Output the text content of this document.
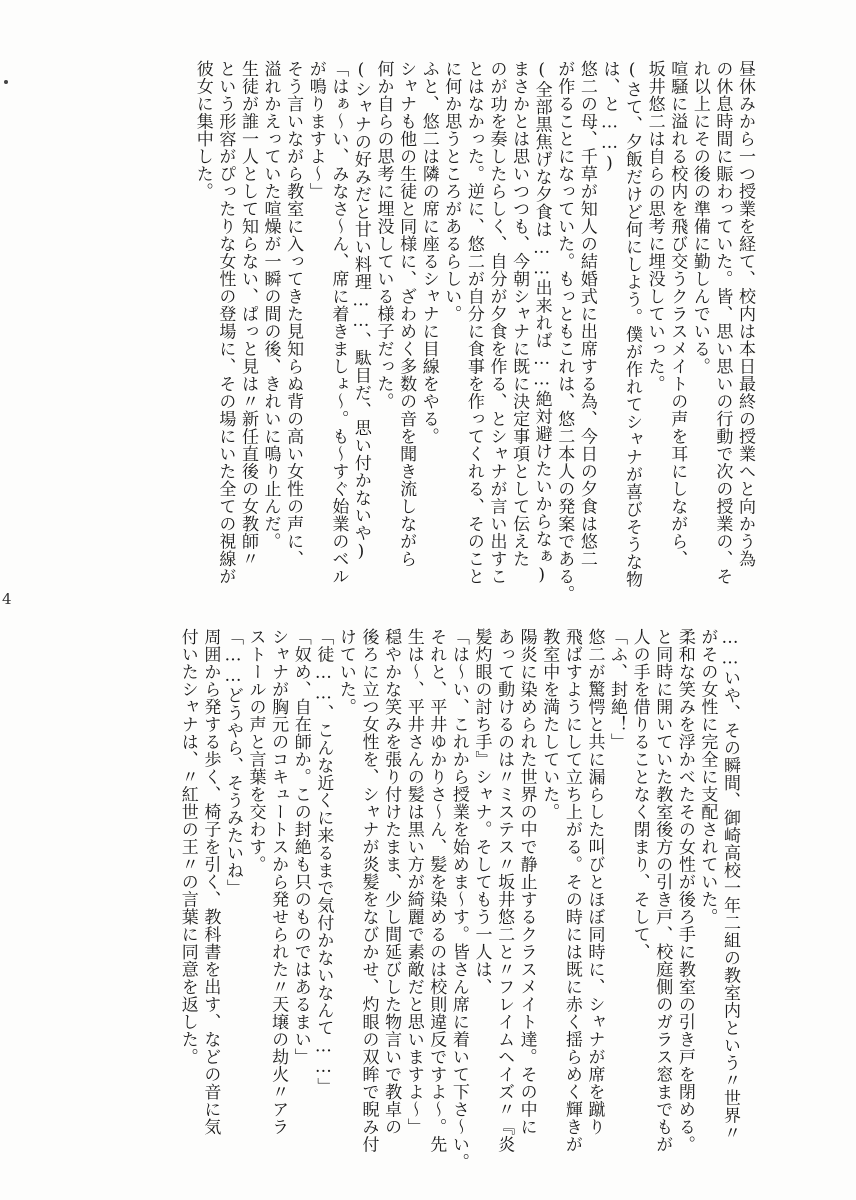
昼休みから一つ授業を経て、校内は本日最終の授業へと向かう為
の休息時間に賑わっていた。皆、思い思いの行動で次の授業の、そ
れ以上にその後の準備に勤しんでいる。
喧騒に溢れる校内を飛び交うクラスメイトの声を耳にしながら、
坂井悠二は自らの思考に埋没していった。
(さて、夕飯だけど何にしよう。僕が作れてシャナが喜びそうな物
は、と……)
悠二の母、千草が知人の結婚式に出席する為、今日の夕食は悠二
が作ることになっていた。もっともこれは、悠二本人の発案である。
(全部黒焦げな夕食は……出来れば……絶対避けたいからなぁ)
まさかとは思いつつも、今朝シャナに既に決定事項として伝えた
のが功を奏したらしく、自分が夕食を作る、とシャナが言い出すこ
とはなかった。逆に、悠二が自分に食事を作ってくれる、そのこと
に何か思うところがあるらしい。
ふと、悠二は隣の席に座るシャナに目線をやる。
シャナも他の生徒と同様に、ざわめく多数の音を聞き流しながら
何か自らの思考に埋没している様子だった。
(シャナの好みだと甘い料理……、駄目だ、思い付かないや)
「はぁ～い、みなさ～ん、席に着きましょ～。も～すぐ始業のベル
が鳴りますよ～」
そう言いながら教室に入ってきた見知らぬ背の高い女性の声に、
溢れかえっていた喧燥が一瞬の間の後、きれいに鳴り止んだ。
生徒が誰一人として知らない、ぱっと見は〃新任直後の女教師〃
という形容がぴったりな女性の登場に、その場にいた全ての視線が
彼女に集中した。
4
……いや、その瞬間、御崎高校一年二組の教室内という〃世界〃
がその女性に完全に支配されていた。
柔和な笑みを浮かべたその女性が後ろ手に教室の引き戸を閉める。
と同時に開いていた教室後方の引き戸、校庭側のガラス窓までもが
人の手を借りることなく閉まり、そして、
「ふ、封絶！」
悠二が驚愕と共に漏らした叫びとほぼ同時に、シャナが席を蹴り
飛ばすようにして立ち上がる。その時には既に赤く揺らめく輝きが
教室中を満たしていた。
陽炎に染められた世界の中で静止するクラスメイト達。その中に
あって動けるのは〃ミステス〃坂井悠二と〃フレイムヘイズ〃『炎
髪灼眼の討ち手』シャナ。そしてもう一人は、
「は～い、これから授業を始めま～す。皆さん席に着いて下さ～い。
それと、平井ゆかりさ～ん、髪を染めるのは校則違反ですよ～。先
生は～、平井さんの髪は黒い方が綺麗で素敵だと思いますよ～」
穏やかな笑みを張り付けたまま、少し間延びした物言いで教卓の
後ろに立つ女性を、シャナが炎髪をなびかせ、灼眼の双眸で睨み付
けていた。
「徒……、こんな近くに来るまで気付かないなんて……」
「奴め、自在師か。この封絶も只のものではあるまい」
シャナが胸元のコキュートスから発せられた〃天壌の劫火〃アラ
ストールの声と言葉を交わす。
「……どうやら、そうみたいね」
周囲から発する歩く、椅子を引く、教科書を出す、などの音に気
付いたシャナは、〃紅世の王〃の言葉に同意を返した。
